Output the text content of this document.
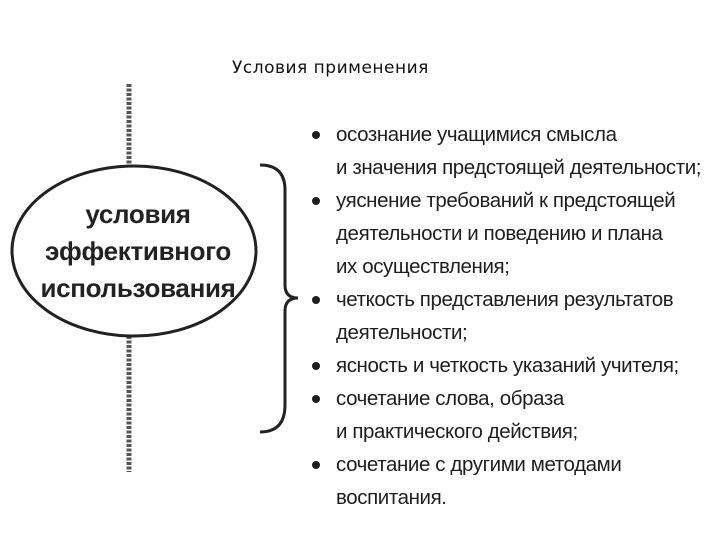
Условия применения
условия
эффективного
использования
осознание учащимися смысла
и значения предстоящей деятельности;
уяснение требований к предстоящей
деятельности и поведению и плана
их осуществления;
четкость представления результатов
деятельности;
ясность и четкость указаний учителя;
сочетание слова, образа
и практического действия;
сочетание с другими методами
воспитания.
